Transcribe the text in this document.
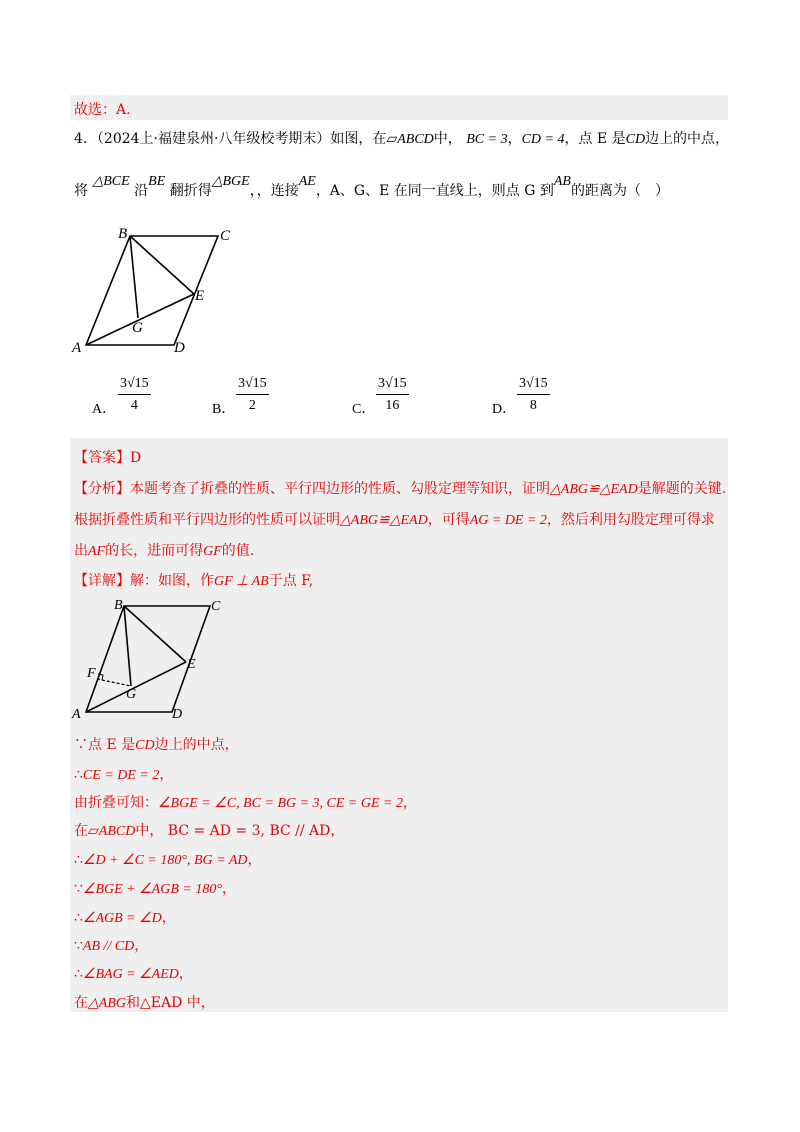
故选：A．
4．（2024上·福建泉州·八年级校考期末）如图，在▱ABCD中， BC = 3，CD = 4，点 E 是CD边上的中点，
将 △BCE 沿BE 翻折得△BGE，，连接AE，A、G、E 在同一直线上，则点 G 到AB的距离为（　）
B	C
E
G
A	D
A． $\frac{3√15}{4}$	B． $\frac{3√15}{2}$	C． $\frac{3√15}{16}$	D． $\frac{3√15}{8}$
【答案】D
【分析】本题考查了折叠的性质、平行四边形的性质、勾股定理等知识，证明△ABG≌△EAD是解题的关键.
根据折叠性质和平行四边形的性质可以证明△ABG≌△EAD，可得AG = DE = 2，然后利用勾股定理可得求
出AF的长，进而可得GF的值.
【详解】解：如图，作GF ⊥ AB于点 F,
B	C
E
F
G
A	D
∵点 E 是CD边上的中点，
∴CE = DE = 2，
由折叠可知：∠BGE = ∠C, BC = BG = 3, CE = GE = 2，
在▱ABCD中， BC = AD = 3, BC // AD，
∴∠D + ∠C = 180°, BG = AD，
∵∠BGE + ∠AGB = 180°，
∴∠AGB = ∠D，
∵AB // CD，
∴∠BAG = ∠AED，
在△ABG和△EAD 中，
